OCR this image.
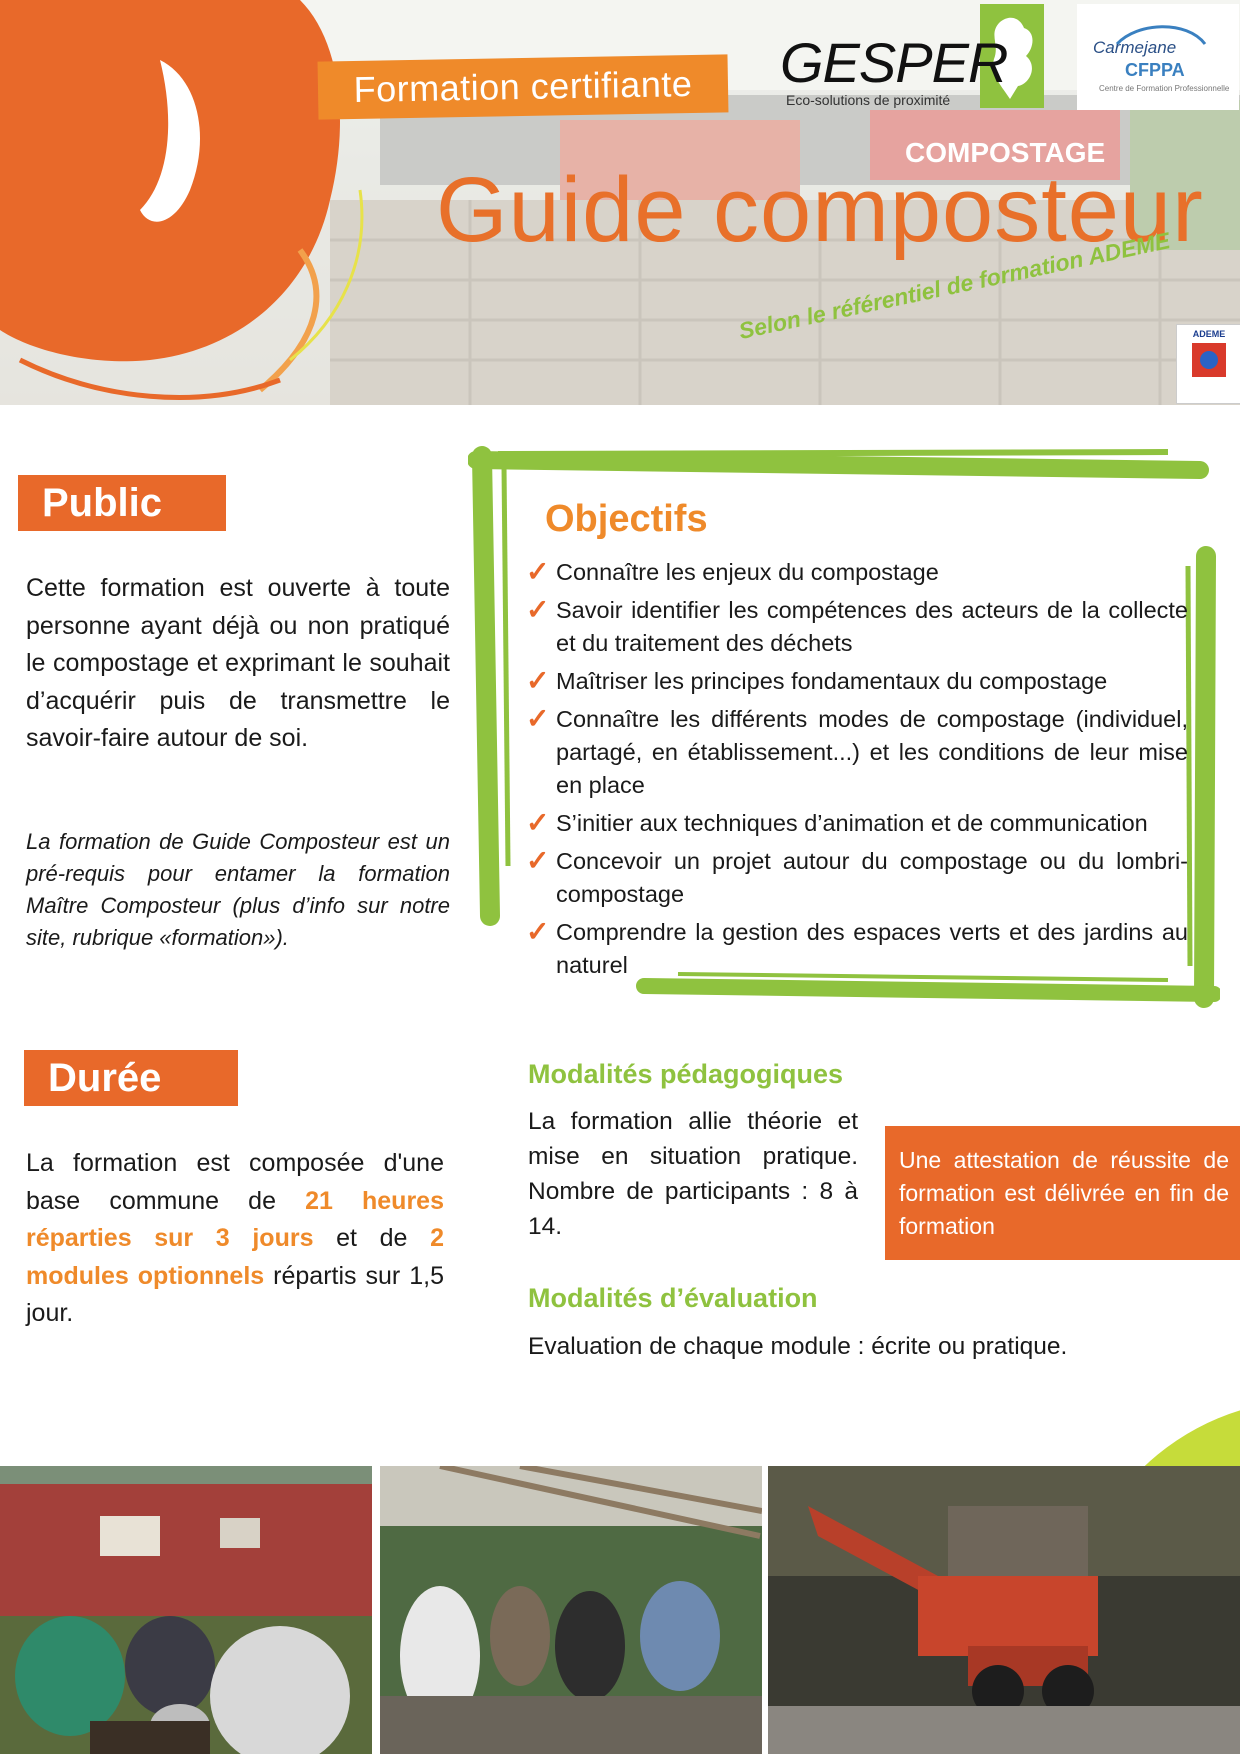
Formation certifiante
Guide composteur
Selon le référentiel de formation ADEME
GESPER
Eco-solutions de proximité
Carmejane
CFPPA
Centre de Formation Professionnelle
ADEME
Public
Cette formation est ouverte à toute personne ayant déjà ou non pratiqué le compostage et exprimant le souhait d’acquérir puis de transmettre le savoir-faire autour de soi.
La formation de Guide Composteur est un pré-requis pour entamer la formation Maître Composteur (plus d’info sur notre site, rubrique «formation»).
Objectifs
✓ Connaître les enjeux du compostage
✓ Savoir identifier les compétences des acteurs de la collecte et du traitement des déchets
✓ Maîtriser les principes fondamentaux du compostage
✓ Connaître les différents modes de compostage (individuel, partagé, en établissement...) et les conditions de leur mise en place
✓ S’initier aux techniques d’animation et de communication
✓ Concevoir un projet autour du compostage ou du lombri-compostage
✓ Comprendre la gestion des espaces verts et des jardins au naturel
Durée
La formation est composée d'une base commune de 21 heures réparties sur 3 jours et de 2 modules optionnels répartis sur 1,5 jour.
Modalités pédagogiques
La formation allie théorie et mise en situation pratique. Nombre de participants : 8 à 14.
Une attestation de réussite de formation est délivrée en fin de formation
Modalités d’évaluation
Evaluation de chaque module : écrite ou pratique.
